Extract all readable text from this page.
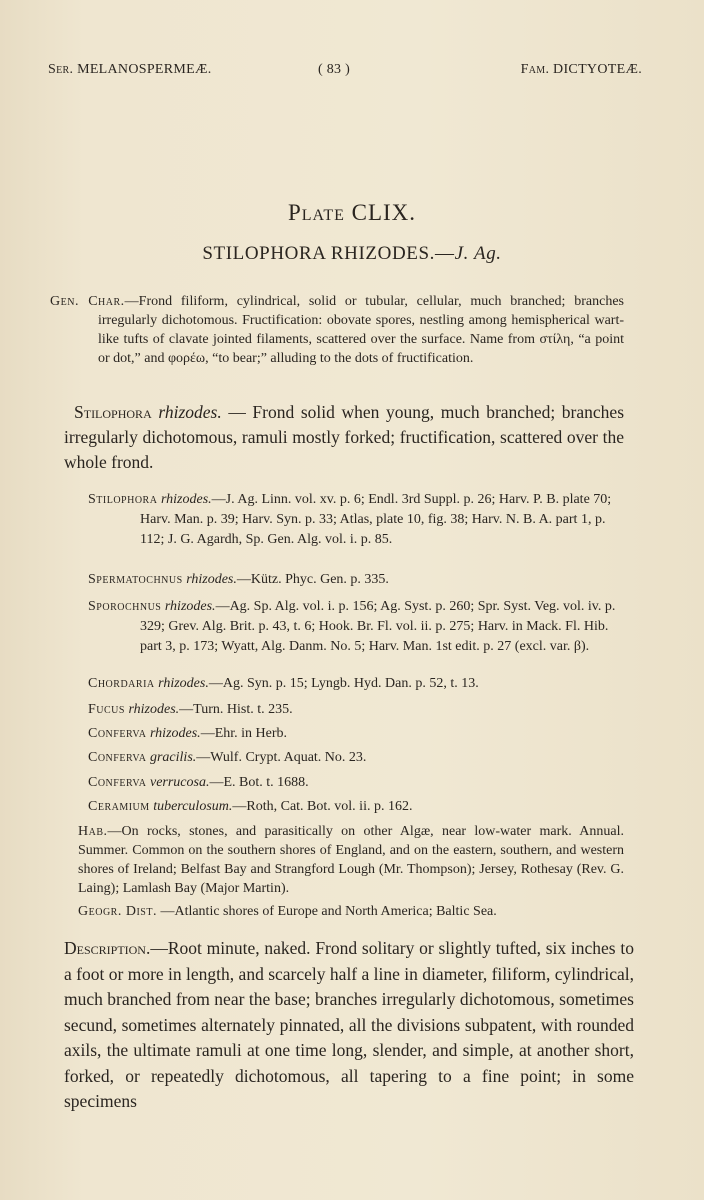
Ser. MELANOSPERMEÆ.	( 83 )	Fam. DICTYOTEÆ.
Plate CLIX.
STILOPHORA RHIZODES.—J. Ag.
Gen. Char.—Frond filiform, cylindrical, solid or tubular, cellular, much branched; branches irregularly dichotomous. Fructification: obovate spores, nestling among hemispherical wart-like tufts of clavate jointed filaments, scattered over the surface. Name from στίλη, “a point or dot,” and φορέω, “to bear;” alluding to the dots of fructification.
Stilophora rhizodes. — Frond solid when young, much branched; branches irregularly dichotomous, ramuli mostly forked; fructification, scattered over the whole frond.
Stilophora rhizodes.—J. Ag. Linn. vol. xv. p. 6; Endl. 3rd Suppl. p. 26; Harv. P. B. plate 70; Harv. Man. p. 39; Harv. Syn. p. 33; Atlas, plate 10, fig. 38; Harv. N. B. A. part 1, p. 112; J. G. Agardh, Sp. Gen. Alg. vol. i. p. 85.
Spermatochnus rhizodes.—Kütz. Phyc. Gen. p. 335.
Sporochnus rhizodes.—Ag. Sp. Alg. vol. i. p. 156; Ag. Syst. p. 260; Spr. Syst. Veg. vol. iv. p. 329; Grev. Alg. Brit. p. 43, t. 6; Hook. Br. Fl. vol. ii. p. 275; Harv. in Mack. Fl. Hib. part 3, p. 173; Wyatt, Alg. Danm. No. 5; Harv. Man. 1st edit. p. 27 (excl. var. β).
Chordaria rhizodes.—Ag. Syn. p. 15; Lyngb. Hyd. Dan. p. 52, t. 13.
Fucus rhizodes.—Turn. Hist. t. 235.
Conferva rhizodes.—Ehr. in Herb.
Conferva gracilis.—Wulf. Crypt. Aquat. No. 23.
Conferva verrucosa.—E. Bot. t. 1688.
Ceramium tuberculosum.—Roth, Cat. Bot. vol. ii. p. 162.
Hab.—On rocks, stones, and parasitically on other Algæ, near low-water mark. Annual. Summer. Common on the southern shores of England, and on the eastern, southern, and western shores of Ireland; Belfast Bay and Strangford Lough (Mr. Thompson); Jersey, Rothesay (Rev. G. Laing); Lamlash Bay (Major Martin).
Geogr. Dist. —Atlantic shores of Europe and North America; Baltic Sea.
Description.—Root minute, naked. Frond solitary or slightly tufted, six inches to a foot or more in length, and scarcely half a line in diameter, filiform, cylindrical, much branched from near the base; branches irregularly dichotomous, sometimes secund, sometimes alternately pinnated, all the divisions subpatent, with rounded axils, the ultimate ramuli at one time long, slender, and simple, at another short, forked, or repeatedly dichotomous, all tapering to a fine point; in some specimens
